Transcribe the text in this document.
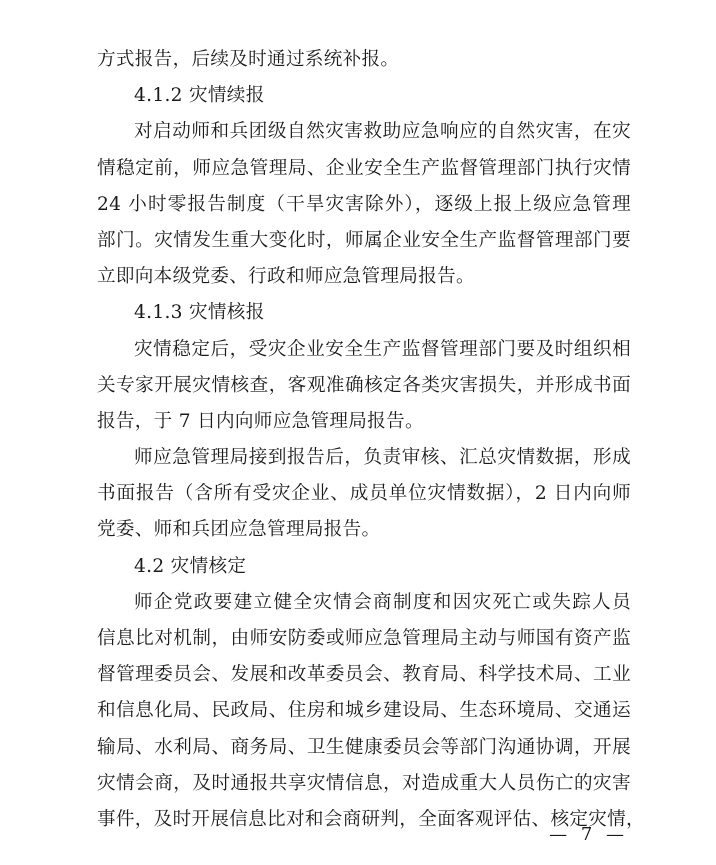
方式报告，后续及时通过系统补报。
4.1.2 灾情续报
对启动师和兵团级自然灾害救助应急响应的自然灾害，在灾
情稳定前，师应急管理局、企业安全生产监督管理部门执行灾情
24 小时零报告制度（干旱灾害除外），逐级上报上级应急管理
部门。灾情发生重大变化时，师属企业安全生产监督管理部门要
立即向本级党委、行政和师应急管理局报告。
4.1.3 灾情核报
灾情稳定后，受灾企业安全生产监督管理部门要及时组织相
关专家开展灾情核查，客观准确核定各类灾害损失，并形成书面
报告，于 7 日内向师应急管理局报告。
师应急管理局接到报告后，负责审核、汇总灾情数据，形成
书面报告（含所有受灾企业、成员单位灾情数据），2 日内向师
党委、师和兵团应急管理局报告。
4.2 灾情核定
师企党政要建立健全灾情会商制度和因灾死亡或失踪人员
信息比对机制，由师安防委或师应急管理局主动与师国有资产监
督管理委员会、发展和改革委员会、教育局、科学技术局、工业
和信息化局、民政局、住房和城乡建设局、生态环境局、交通运
输局、水利局、商务局、卫生健康委员会等部门沟通协调，开展
灾情会商，及时通报共享灾情信息，对造成重大人员伤亡的灾害
事件，及时开展信息比对和会商研判，全面客观评估、核定灾情，
— 7 —
